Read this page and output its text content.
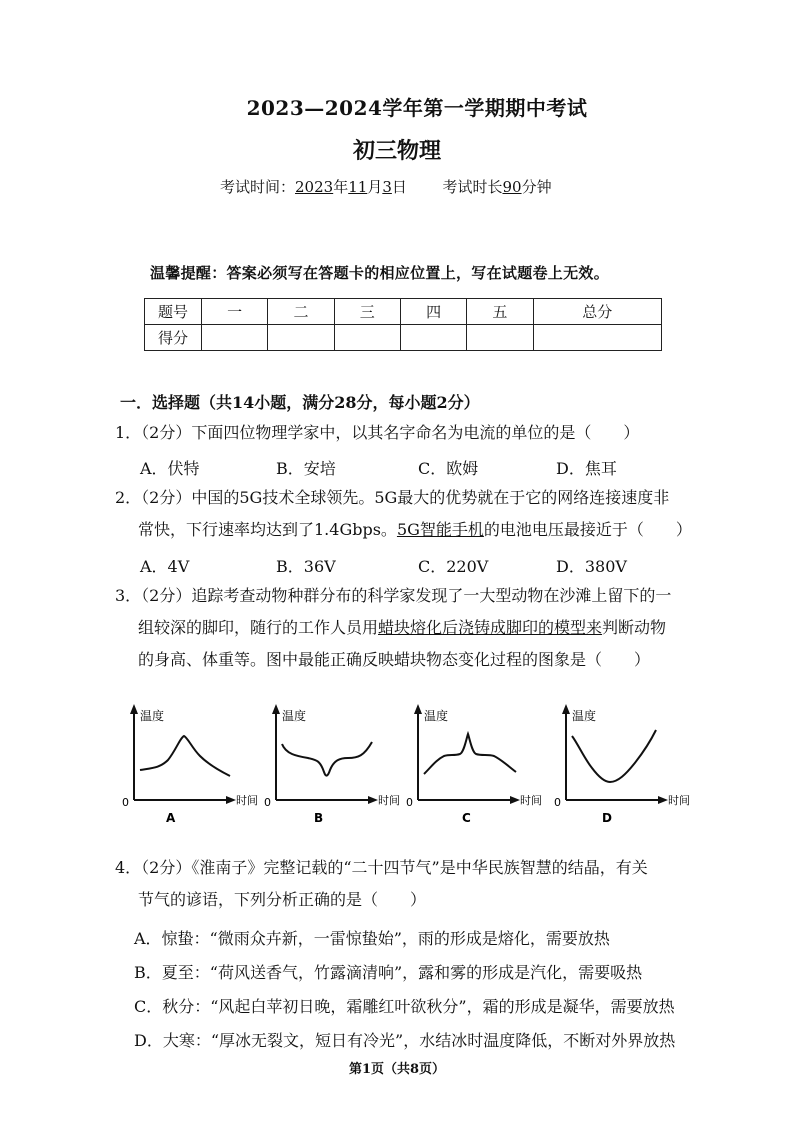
2023—2024学年第一学期期中考试
初三物理
考试时间：2023年11月3日 考试时长90分钟
温馨提醒：答案必须写在答题卡的相应位置上，写在试题卷上无效。
题号	一	二	三	四	五	总分
得分						
一．选择题（共14小题，满分28分，每小题2分）
1．（2分）下面四位物理学家中，以其名字命名为电流的单位的是（　　）
A．伏特	B．安培	C．欧姆	D．焦耳
2．（2分）中国的5G技术全球领先。5G最大的优势就在于它的网络连接速度非
常快，下行速率均达到了1.4Gbps。5G智能手机的电池电压最接近于（　　）
A．4V	B．36V	C．220V	D．380V
3．（2分）追踪考查动物种群分布的科学家发现了一大型动物在沙滩上留下的一
组较深的脚印，随行的工作人员用蜡块熔化后浇铸成脚印的模型来判断动物
的身高、体重等。图中最能正确反映蜡块物态变化过程的图象是（　　）
温度
时间
0
A
温度
时间
0
B
温度
时间
0
C
温度
时间
0
D
4．（2分）《淮南子》完整记载的“二十四节气”是中华民族智慧的结晶，有关
节气的谚语，下列分析正确的是（　　）
A．惊蛰：“微雨众卉新，一雷惊蛰始”，雨的形成是熔化，需要放热
B．夏至：“荷风送香气，竹露滴清响”，露和雾的形成是汽化，需要吸热
C．秋分：“风起白苹初日晚，霜雕红叶欲秋分”，霜的形成是凝华，需要放热
D．大寒：“厚冰无裂文，短日有冷光”，水结冰时温度降低，不断对外界放热
第1页（共8页）
